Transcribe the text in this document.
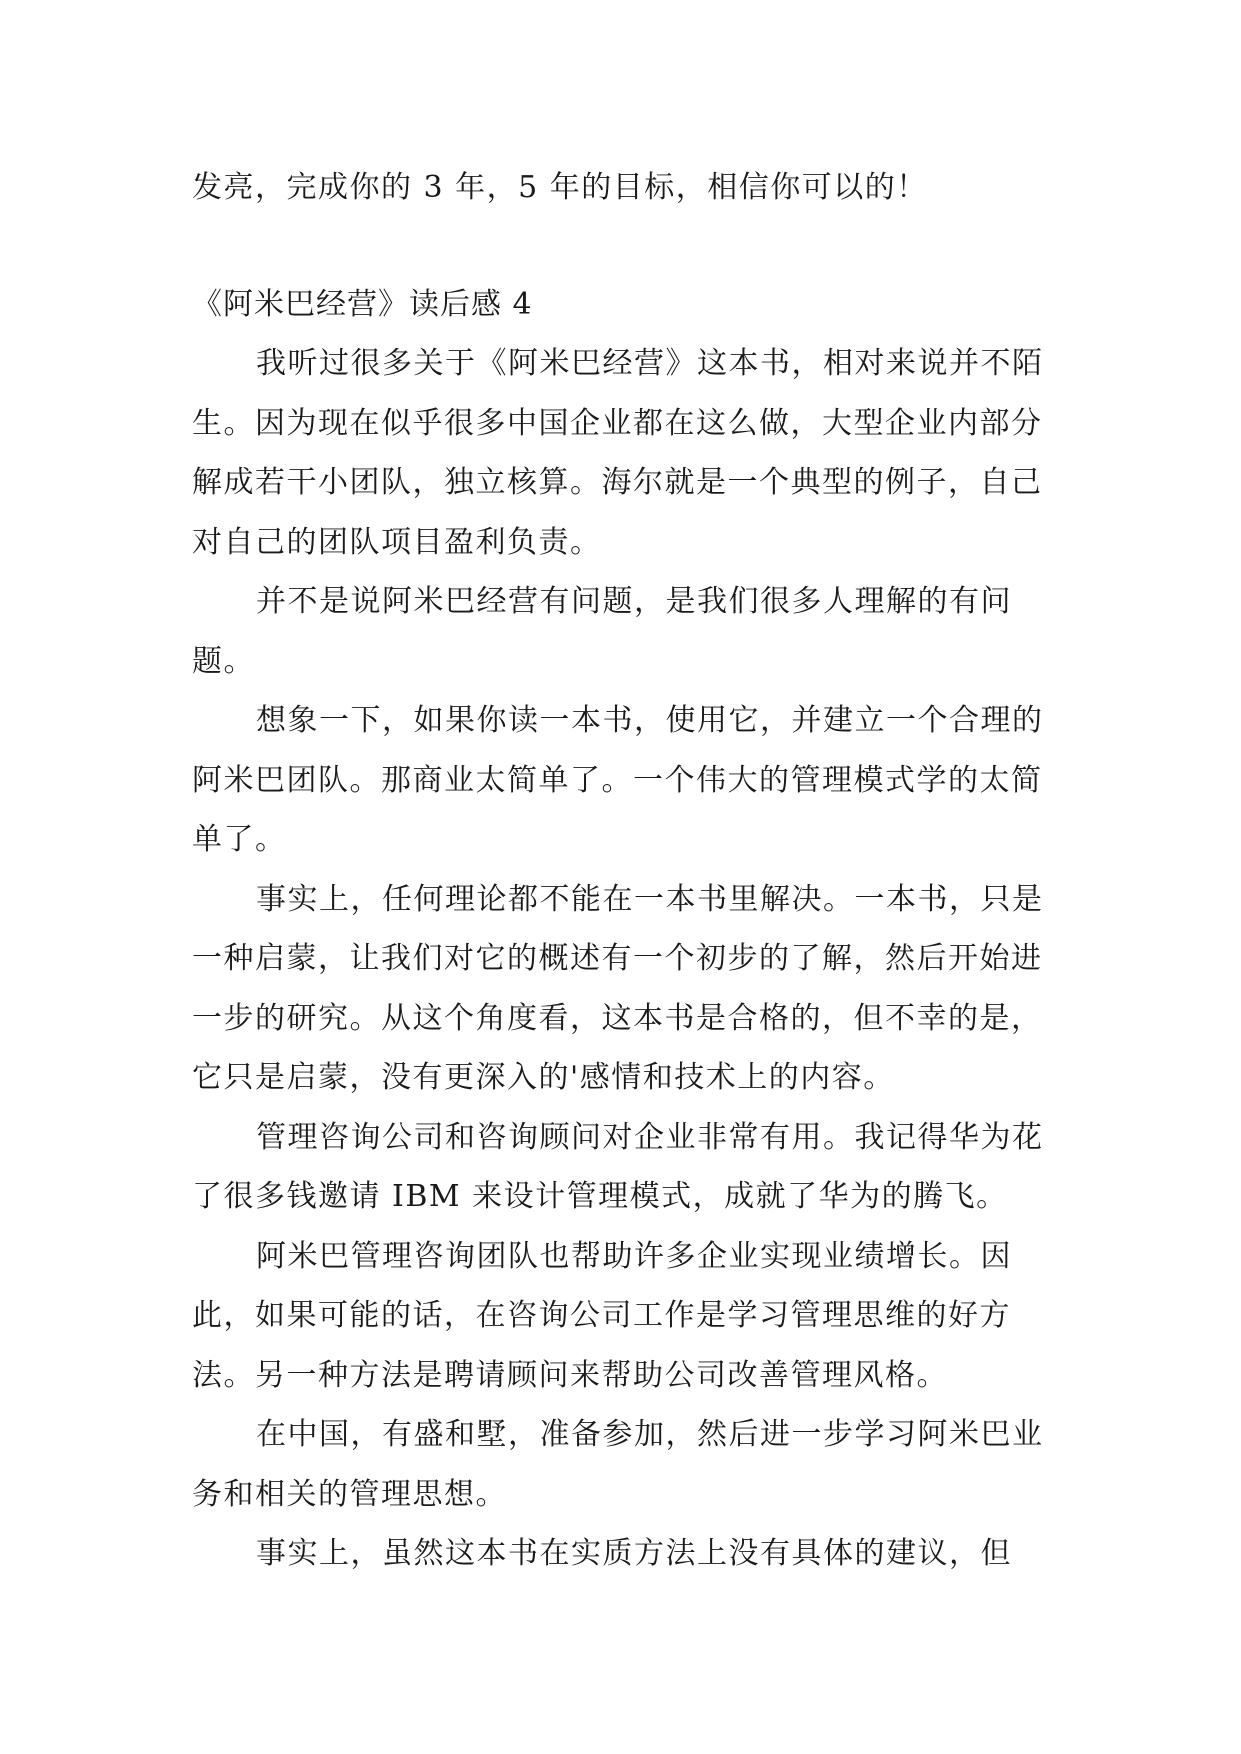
发亮，完成你的 3 年，5 年的目标，相信你可以的！
《阿米巴经营》读后感 4

我听过很多关于《阿米巴经营》这本书，相对来说并不陌生。因为现在似乎很多中国企业都在这么做，大型企业内部分解成若干小团队，独立核算。海尔就是一个典型的例子，自己对自己的团队项目盈利负责。

并不是说阿米巴经营有问题，是我们很多人理解的有问题。

想象一下，如果你读一本书，使用它，并建立一个合理的阿米巴团队。那商业太简单了。一个伟大的管理模式学的太简单了。

事实上，任何理论都不能在一本书里解决。一本书，只是一种启蒙，让我们对它的概述有一个初步的了解，然后开始进一步的研究。从这个角度看，这本书是合格的，但不幸的是，它只是启蒙，没有更深入的'感情和技术上的内容。

管理咨询公司和咨询顾问对企业非常有用。我记得华为花了很多钱邀请 IBM 来设计管理模式，成就了华为的腾飞。

阿米巴管理咨询团队也帮助许多企业实现业绩增长。因此，如果可能的话，在咨询公司工作是学习管理思维的好方法。另一种方法是聘请顾问来帮助公司改善管理风格。

在中国，有盛和墅，准备参加，然后进一步学习阿米巴业务和相关的管理思想。

事实上，虽然这本书在实质方法上没有具体的建议，但
